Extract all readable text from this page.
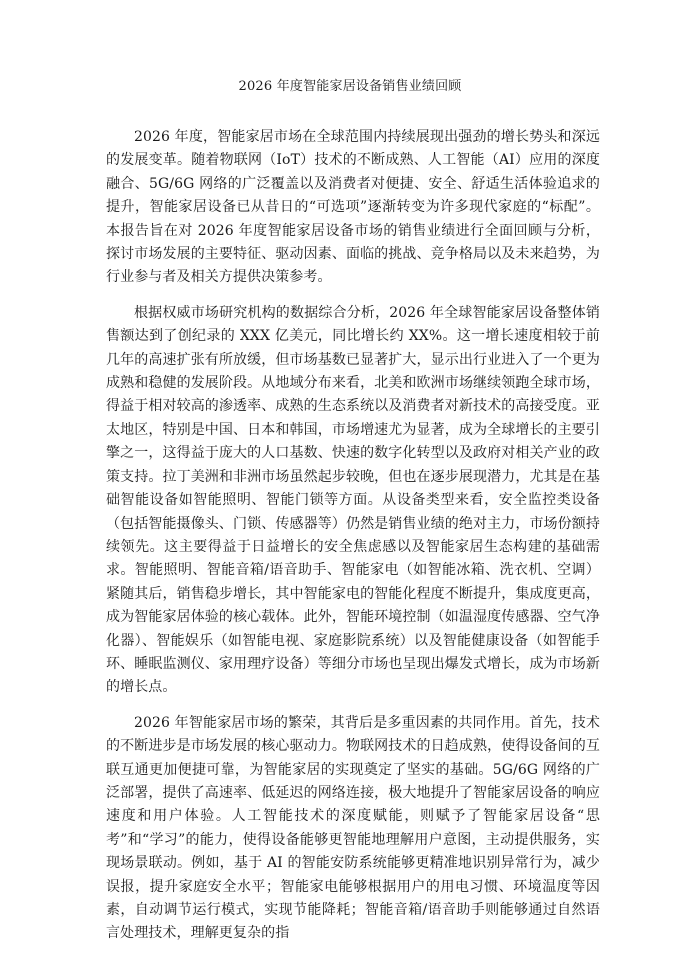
2026 年度智能家居设备销售业绩回顾

2026 年度，智能家居市场在全球范围内持续展现出强劲的增长势头和深远的发展变革。随着物联网（IoT）技术的不断成熟、人工智能（AI）应用的深度融合、5G/6G 网络的广泛覆盖以及消费者对便捷、安全、舒适生活体验追求的提升，智能家居设备已从昔日的“可选项”逐渐转变为许多现代家庭的“标配”。本报告旨在对 2026 年度智能家居设备市场的销售业绩进行全面回顾与分析，探讨市场发展的主要特征、驱动因素、面临的挑战、竞争格局以及未来趋势，为行业参与者及相关方提供决策参考。

根据权威市场研究机构的数据综合分析，2026 年全球智能家居设备整体销售额达到了创纪录的 XXX 亿美元，同比增长约 XX%。这一增长速度相较于前几年的高速扩张有所放缓，但市场基数已显著扩大，显示出行业进入了一个更为成熟和稳健的发展阶段。从地域分布来看，北美和欧洲市场继续领跑全球市场，得益于相对较高的渗透率、成熟的生态系统以及消费者对新技术的高接受度。亚太地区，特别是中国、日本和韩国，市场增速尤为显著，成为全球增长的主要引擎之一，这得益于庞大的人口基数、快速的数字化转型以及政府对相关产业的政策支持。拉丁美洲和非洲市场虽然起步较晚，但也在逐步展现潜力，尤其是在基础智能设备如智能照明、智能门锁等方面。从设备类型来看，安全监控类设备（包括智能摄像头、门锁、传感器等）仍然是销售业绩的绝对主力，市场份额持续领先。这主要得益于日益增长的安全焦虑感以及智能家居生态构建的基础需求。智能照明、智能音箱/语音助手、智能家电（如智能冰箱、洗衣机、空调）紧随其后，销售稳步增长，其中智能家电的智能化程度不断提升，集成度更高，成为智能家居体验的核心载体。此外，智能环境控制（如温湿度传感器、空气净化器）、智能娱乐（如智能电视、家庭影院系统）以及智能健康设备（如智能手环、睡眠监测仪、家用理疗设备）等细分市场也呈现出爆发式增长，成为市场新的增长点。

2026 年智能家居市场的繁荣，其背后是多重因素的共同作用。首先，技术的不断进步是市场发展的核心驱动力。物联网技术的日趋成熟，使得设备间的互联互通更加便捷可靠，为智能家居的实现奠定了坚实的基础。5G/6G 网络的广泛部署，提供了高速率、低延迟的网络连接，极大地提升了智能家居设备的响应速度和用户体验。人工智能技术的深度赋能，则赋予了智能家居设备“思考”和“学习”的能力，使得设备能够更智能地理解用户意图，主动提供服务，实现场景联动。例如，基于 AI 的智能安防系统能够更精准地识别异常行为，减少误报，提升家庭安全水平；智能家电能够根据用户的用电习惯、环境温度等因素，自动调节运行模式，实现节能降耗；智能音箱/语音助手则能够通过自然语言处理技术，理解更复杂的指
